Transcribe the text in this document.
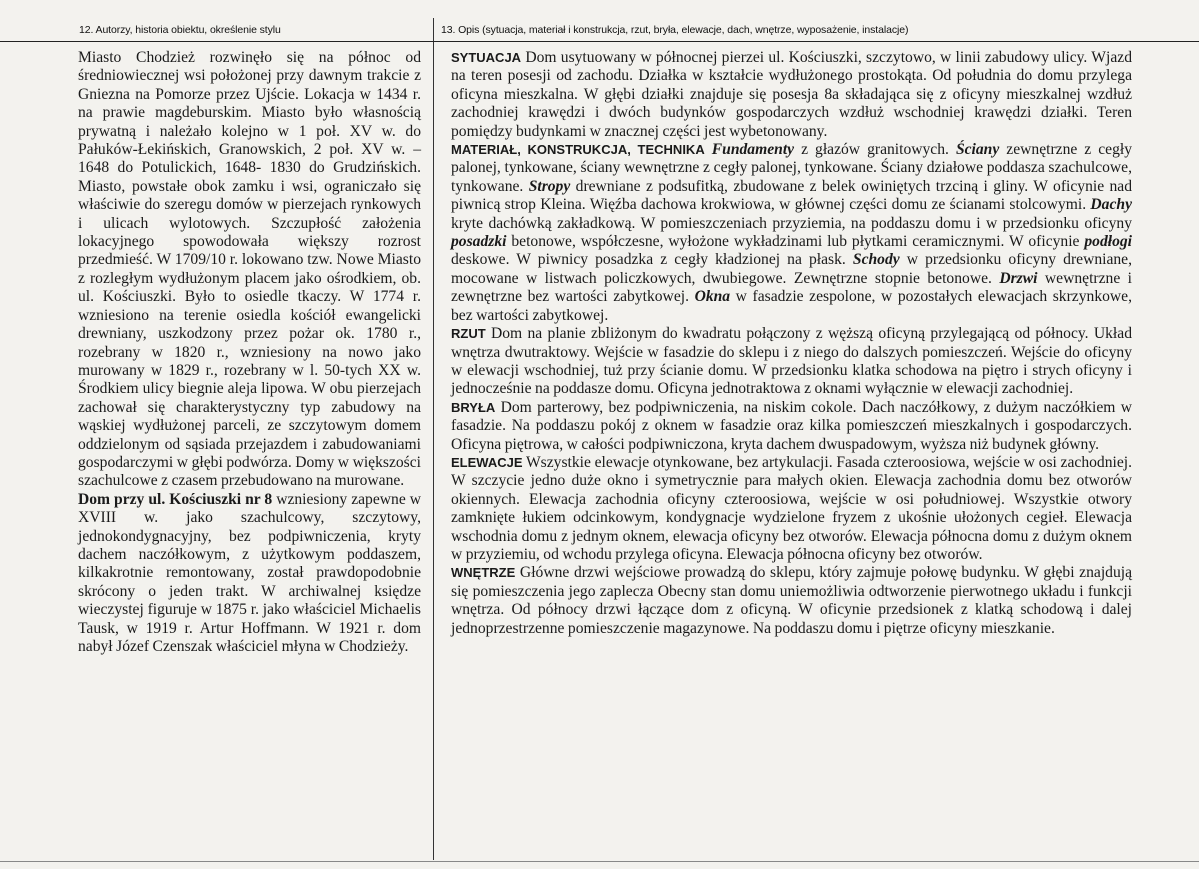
12. Autorzy, historia obiektu, określenie stylu	13. Opis (sytuacja, materiał i konstrukcja, rzut, bryła, elewacje, dach, wnętrze, wyposażenie, instalacje)

Miasto Chodzież rozwinęło się na północ od średniowiecznej wsi położonej przy dawnym trakcie z Gniezna na Pomorze przez Ujście. Lokacja w 1434 r. na prawie magdeburskim. Miasto było własnością prywatną i należało kolejno w 1 poł. XV w. do Pałuków-Łekińskich, Granowskich, 2 poł. XV w. – 1648 do Potulickich, 1648- 1830 do Grudzińskich. Miasto, powstałe obok zamku i wsi, ograniczało się właściwie do szeregu domów w pierzejach rynkowych i ulicach wylotowych. Szczupłość założenia lokacyjnego spowodowała większy rozrost przedmieść. W 1709/10 r. lokowano tzw. Nowe Miasto z rozległym wydłużonym placem jako ośrodkiem, ob. ul. Kościuszki. Było to osiedle tkaczy. W 1774 r. wzniesiono na terenie osiedla kościół ewangelicki drewniany, uszkodzony przez pożar ok. 1780 r., rozebrany w 1820 r., wzniesiony na nowo jako murowany w 1829 r., rozebrany w l. 50-tych XX w. Środkiem ulicy biegnie aleja lipowa. W obu pierzejach zachował się charakterystyczny typ zabudowy na wąskiej wydłużonej parceli, ze szczytowym domem oddzielonym od sąsiada przejazdem i zabudowaniami gospodarczymi w głębi podwórza. Domy w większości szachulcowe z czasem przebudowano na murowane.

Dom przy ul. Kościuszki nr 8 wzniesiony zapewne w XVIII w. jako szachulcowy, szczytowy, jednokondygnacyjny, bez podpiwniczenia, kryty dachem naczółkowym, z użytkowym poddaszem, kilkakrotnie remontowany, został prawdopodobnie skrócony o jeden trakt. W archiwalnej księdze wieczystej figuruje w 1875 r. jako właściciel Michaelis Tausk, w 1919 r. Artur Hoffmann. W 1921 r. dom nabył Józef Czenszak właściciel młyna w Chodzieży.

SYTUACJA Dom usytuowany w północnej pierzei ul. Kościuszki, szczytowo, w linii zabudowy ulicy. Wjazd na teren posesji od zachodu. Działka w kształcie wydłużonego prostokąta. Od południa do domu przylega oficyna mieszkalna. W głębi działki znajduje się posesja 8a składająca się z oficyny mieszkalnej wzdłuż zachodniej krawędzi i dwóch budynków gospodarczych wzdłuż wschodniej krawędzi działki. Teren pomiędzy budynkami w znacznej części jest wybetonowany.

MATERIAŁ, KONSTRUKCJA, TECHNIKA Fundamenty z głazów granitowych. Ściany zewnętrzne z cegły palonej, tynkowane, ściany wewnętrzne z cegły palonej, tynkowane. Ściany działowe poddasza szachulcowe, tynkowane. Stropy drewniane z podsufitką, zbudowane z belek owiniętych trzciną i gliny. W oficynie nad piwnicą strop Kleina. Więźba dachowa krokwiowa, w głównej części domu ze ścianami stolcowymi. Dachy kryte dachówką zakładkową. W pomieszczeniach przyziemia, na poddaszu domu i w przedsionku oficyny posadzki betonowe, współczesne, wyłożone wykładzinami lub płytkami ceramicznymi. W oficynie podłogi deskowe. W piwnicy posadzka z cegły kładzionej na płask. Schody w przedsionku oficyny drewniane, mocowane w listwach policzkowych, dwubiegowe. Zewnętrzne stopnie betonowe. Drzwi wewnętrzne i zewnętrzne bez wartości zabytkowej. Okna w fasadzie zespolone, w pozostałych elewacjach skrzynkowe, bez wartości zabytkowej.

RZUT Dom na planie zbliżonym do kwadratu połączony z węższą oficyną przylegającą od północy. Układ wnętrza dwutraktowy. Wejście w fasadzie do sklepu i z niego do dalszych pomieszczeń. Wejście do oficyny w elewacji wschodniej, tuż przy ścianie domu. W przedsionku klatka schodowa na piętro i strych oficyny i jednocześnie na poddasze domu. Oficyna jednotraktowa z oknami wyłącznie w elewacji zachodniej.

BRYŁA Dom parterowy, bez podpiwniczenia, na niskim cokole. Dach naczółkowy, z dużym naczółkiem w fasadzie. Na poddaszu pokój z oknem w fasadzie oraz kilka pomieszczeń mieszkalnych i gospodarczych. Oficyna piętrowa, w całości podpiwniczona, kryta dachem dwuspadowym, wyższa niż budynek główny.

ELEWACJE Wszystkie elewacje otynkowane, bez artykulacji. Fasada czteroosiowa, wejście w osi zachodniej. W szczycie jedno duże okno i symetrycznie para małych okien. Elewacja zachodnia domu bez otworów okiennych. Elewacja zachodnia oficyny czteroosiowa, wejście w osi południowej. Wszystkie otwory zamknięte łukiem odcinkowym, kondygnacje wydzielone fryzem z ukośnie ułożonych cegieł. Elewacja wschodnia domu z jednym oknem, elewacja oficyny bez otworów. Elewacja północna domu z dużym oknem w przyziemiu, od wchodu przylega oficyna. Elewacja północna oficyny bez otworów.

WNĘTRZE Główne drzwi wejściowe prowadzą do sklepu, który zajmuje połowę budynku. W głębi znajdują się pomieszczenia jego zaplecza Obecny stan domu uniemożliwia odtworzenie pierwotnego układu i funkcji wnętrza. Od północy drzwi łączące dom z oficyną. W oficynie przedsionek z klatką schodową i dalej jednoprzestrzenne pomieszczenie magazynowe. Na poddaszu domu i piętrze oficyny mieszkanie.
